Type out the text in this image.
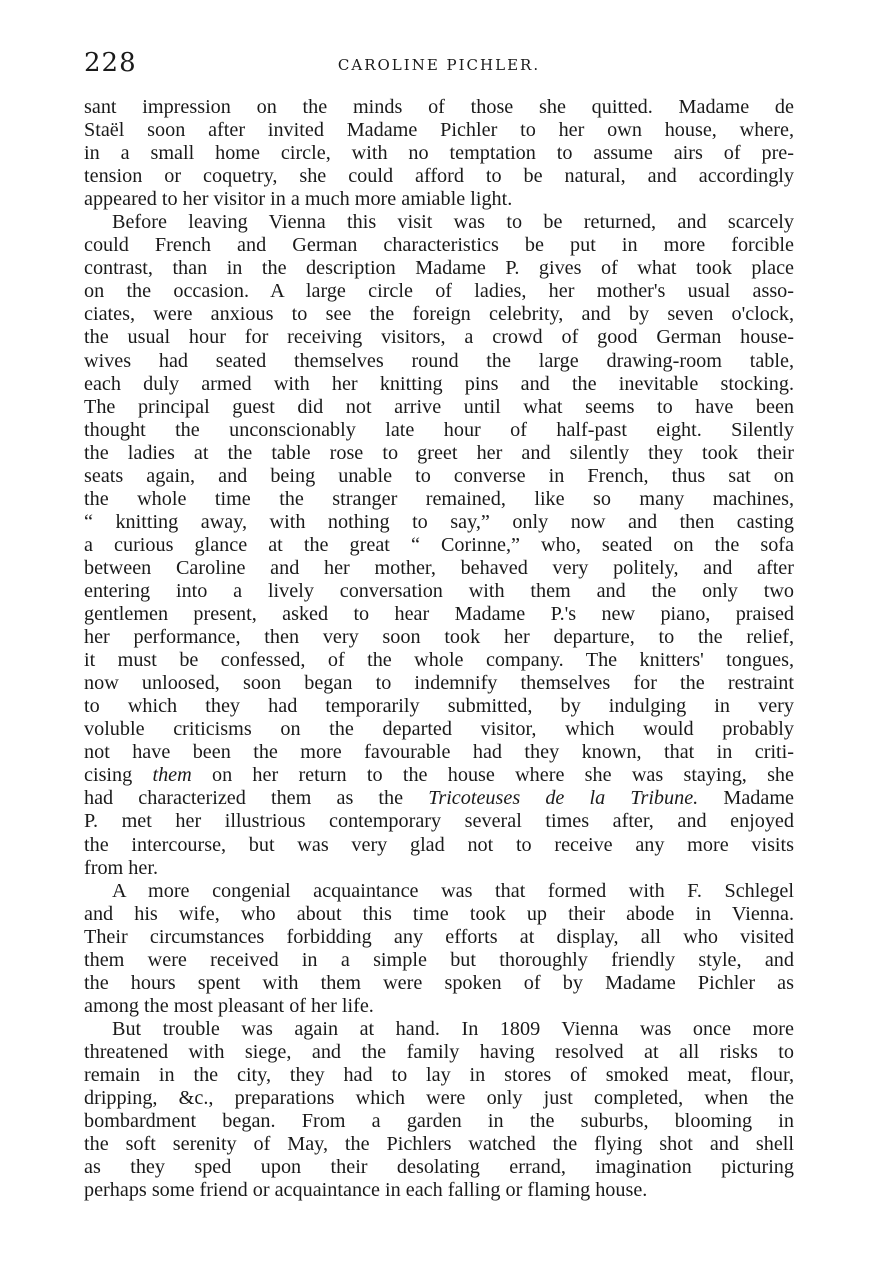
228	CAROLINE PICHLER.

sant impression on the minds of those she quitted. Madame de
Staël soon after invited Madame Pichler to her own house, where,
in a small home circle, with no temptation to assume airs of pre-
tension or coquetry, she could afford to be natural, and accordingly
appeared to her visitor in a much more amiable light.

Before leaving Vienna this visit was to be returned, and scarcely
could French and German characteristics be put in more forcible
contrast, than in the description Madame P. gives of what took place
on the occasion. A large circle of ladies, her mother's usual asso-
ciates, were anxious to see the foreign celebrity, and by seven o'clock,
the usual hour for receiving visitors, a crowd of good German house-
wives had seated themselves round the large drawing-room table,
each duly armed with her knitting pins and the inevitable stocking.
The principal guest did not arrive until what seems to have been
thought the unconscionably late hour of half-past eight. Silently
the ladies at the table rose to greet her and silently they took their
seats again, and being unable to converse in French, thus sat on
the whole time the stranger remained, like so many machines,
“ knitting away, with nothing to say,” only now and then casting
a curious glance at the great “ Corinne,” who, seated on the sofa
between Caroline and her mother, behaved very politely, and after
entering into a lively conversation with them and the only two
gentlemen present, asked to hear Madame P.'s new piano, praised
her performance, then very soon took her departure, to the relief,
it must be confessed, of the whole company. The knitters' tongues,
now unloosed, soon began to indemnify themselves for the restraint
to which they had temporarily submitted, by indulging in very
voluble criticisms on the departed visitor, which would probably
not have been the more favourable had they known, that in criti-
cising them on her return to the house where she was staying, she
had characterized them as the Tricoteuses de la Tribune. Madame
P. met her illustrious contemporary several times after, and enjoyed
the intercourse, but was very glad not to receive any more visits
from her.

A more congenial acquaintance was that formed with F. Schlegel
and his wife, who about this time took up their abode in Vienna.
Their circumstances forbidding any efforts at display, all who visited
them were received in a simple but thoroughly friendly style, and
the hours spent with them were spoken of by Madame Pichler as
among the most pleasant of her life.

But trouble was again at hand. In 1809 Vienna was once more
threatened with siege, and the family having resolved at all risks to
remain in the city, they had to lay in stores of smoked meat, flour,
dripping, &c., preparations which were only just completed, when the
bombardment began. From a garden in the suburbs, blooming in
the soft serenity of May, the Pichlers watched the flying shot and shell
as they sped upon their desolating errand, imagination picturing
perhaps some friend or acquaintance in each falling or flaming house.
